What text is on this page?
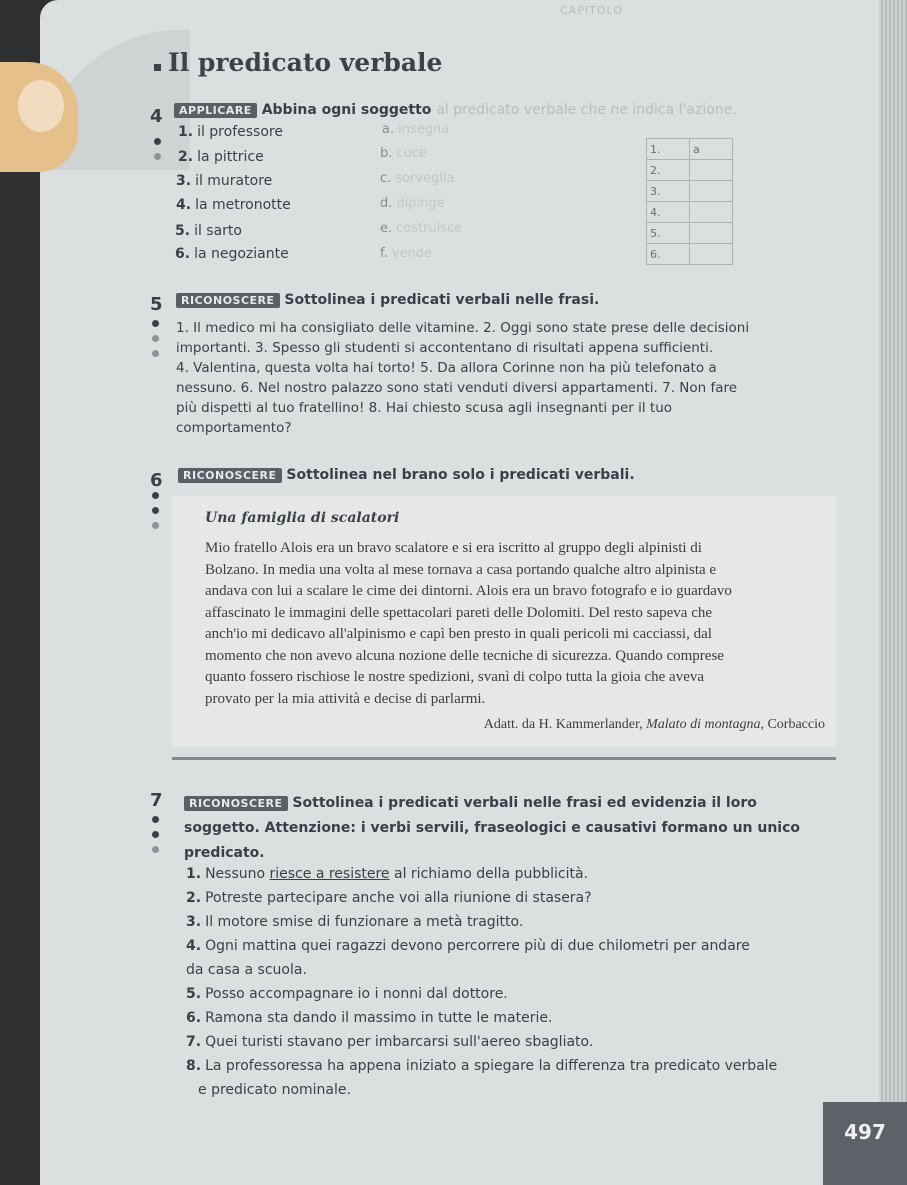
CAPITOLO
Il predicato verbale
4	APPLICARE Abbina ogni soggetto al predicato verbale che ne indica l'azione.
1. il professore
2. la pittrice
3. il muratore
4. la metronotte
5. il sarto
6. la negoziante
a. insegna
b. cuce
c. sorveglia
d. dipinge
e. costruisce
f. vende
1.	a
2.	
3.	
4.	
5.	
6.	
5	RICONOSCERE Sottolinea i predicati verbali nelle frasi.
1. Il medico mi ha consigliato delle vitamine. 2. Oggi sono state prese delle decisioni
importanti. 3. Spesso gli studenti si accontentano di risultati appena sufficienti.
4. Valentina, questa volta hai torto! 5. Da allora Corinne non ha più telefonato a
nessuno. 6. Nel nostro palazzo sono stati venduti diversi appartamenti. 7. Non fare
più dispetti al tuo fratellino! 8. Hai chiesto scusa agli insegnanti per il tuo
comportamento?
6	RICONOSCERE Sottolinea nel brano solo i predicati verbali.
Una famiglia di scalatori
Mio fratello Alois era un bravo scalatore e si era iscritto al gruppo degli alpinisti di
Bolzano. In media una volta al mese tornava a casa portando qualche altro alpinista e
andava con lui a scalare le cime dei dintorni. Alois era un bravo fotografo e io guardavo
affascinato le immagini delle spettacolari pareti delle Dolomiti. Del resto sapeva che
anch'io mi dedicavo all'alpinismo e capì ben presto in quali pericoli mi cacciassi, dal
momento che non avevo alcuna nozione delle tecniche di sicurezza. Quando comprese
quanto fossero rischiose le nostre spedizioni, svanì di colpo tutta la gioia che aveva
provato per la mia attività e decise di parlarmi.
Adatt. da H. Kammerlander, Malato di montagna, Corbaccio
7	RICONOSCERE Sottolinea i predicati verbali nelle frasi ed evidenzia il loro
soggetto. Attenzione: i verbi servili, fraseologici e causativi formano un unico
predicato.
1. Nessuno riesce a resistere al richiamo della pubblicità.
2. Potreste partecipare anche voi alla riunione di stasera?
3. Il motore smise di funzionare a metà tragitto.
4. Ogni mattina quei ragazzi devono percorrere più di due chilometri per andare
da casa a scuola.
5. Posso accompagnare io i nonni dal dottore.
6. Ramona sta dando il massimo in tutte le materie.
7. Quei turisti stavano per imbarcarsi sull'aereo sbagliato.
8. La professoressa ha appena iniziato a spiegare la differenza tra predicato verbale
e predicato nominale.
497
